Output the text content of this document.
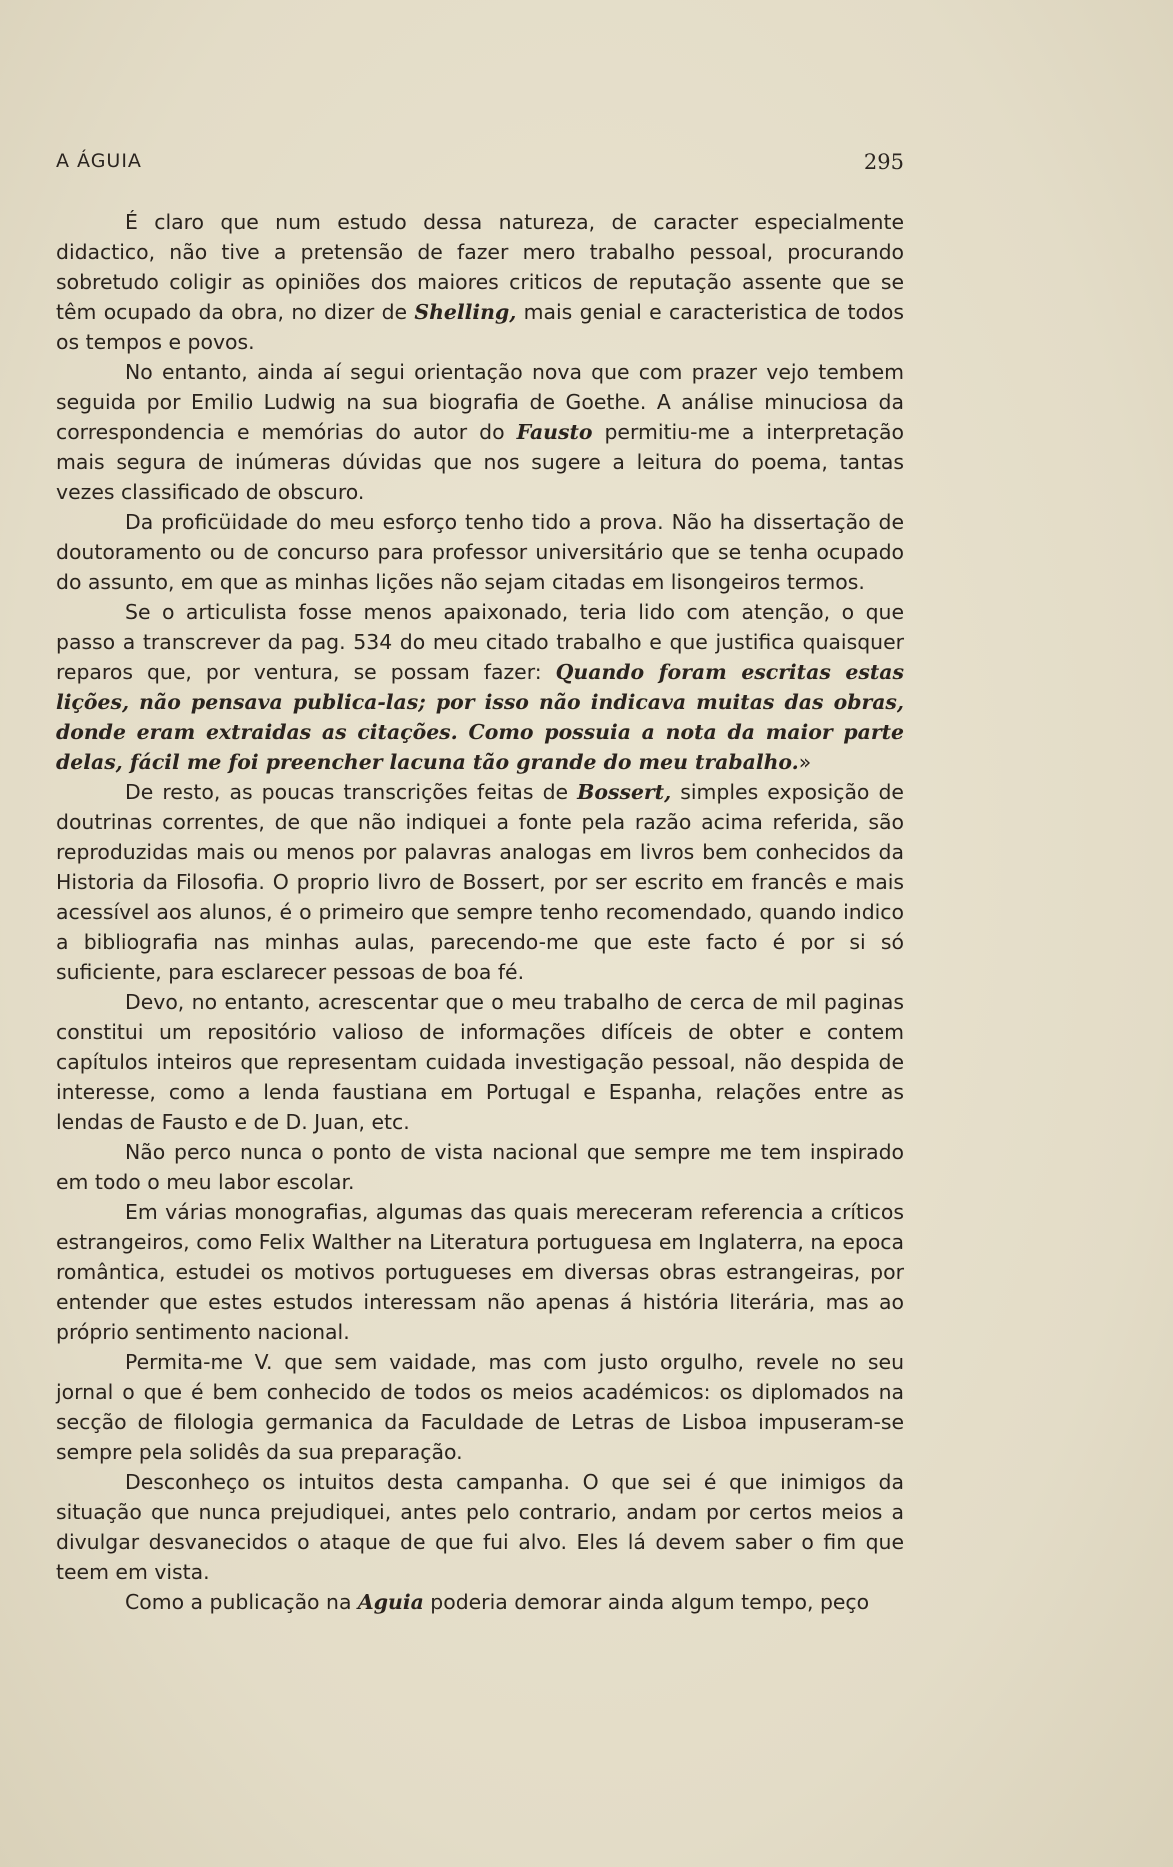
A ÁGUIA	295

É claro que num estudo dessa natureza, de caracter especialmente didactico, não tive a pretensão de fazer mero trabalho pessoal, procurando sobretudo coligir as opiniões dos maiores criticos de reputação assente que se têm ocupado da obra, no dizer de Shelling, mais genial e caracteristica de todos os tempos e povos.

No entanto, ainda aí segui orientação nova que com prazer vejo tembem seguida por Emilio Ludwig na sua biografia de Goethe. A análise minuciosa da correspondencia e memórias do autor do Fausto permitiu-me a interpretação mais segura de inúmeras dúvidas que nos sugere a leitura do poema, tantas vezes classificado de obscuro.

Da proficüidade do meu esforço tenho tido a prova. Não ha dissertação de doutoramento ou de concurso para professor universitário que se tenha ocupado do assunto, em que as minhas lições não sejam citadas em lisongeiros termos.

Se o articulista fosse menos apaixonado, teria lido com atenção, o que passo a transcrever da pag. 534 do meu citado trabalho e que justifica quaisquer reparos que, por ventura, se possam fazer: Quando foram escritas estas lições, não pensava publica-las; por isso não indicava muitas das obras, donde eram extraidas as citações. Como possuia a nota da maior parte delas, fácil me foi preencher lacuna tão grande do meu trabalho.»

De resto, as poucas transcrições feitas de Bossert, simples exposição de doutrinas correntes, de que não indiquei a fonte pela razão acima referida, são reproduzidas mais ou menos por palavras analogas em livros bem conhecidos da Historia da Filosofia. O proprio livro de Bossert, por ser escrito em francês e mais acessível aos alunos, é o primeiro que sempre tenho recomendado, quando indico a bibliografia nas minhas aulas, parecendo-me que este facto é por si só suficiente, para esclarecer pessoas de boa fé.

Devo, no entanto, acrescentar que o meu trabalho de cerca de mil paginas constitui um repositório valioso de informações difíceis de obter e contem capítulos inteiros que representam cuidada investigação pessoal, não despida de interesse, como a lenda faustiana em Portugal e Espanha, relações entre as lendas de Fausto e de D. Juan, etc.

Não perco nunca o ponto de vista nacional que sempre me tem inspirado em todo o meu labor escolar.

Em várias monografias, algumas das quais mereceram referencia a críticos estrangeiros, como Felix Walther na Literatura portuguesa em Inglaterra, na epoca romântica, estudei os motivos portugueses em diversas obras estrangeiras, por entender que estes estudos interessam não apenas á história literária, mas ao próprio sentimento nacional.

Permita-me V. que sem vaidade, mas com justo orgulho, revele no seu jornal o que é bem conhecido de todos os meios académicos: os diplomados na secção de filologia germanica da Faculdade de Letras de Lisboa impuseram-se sempre pela solidês da sua preparação.

Desconheço os intuitos desta campanha. O que sei é que inimigos da situação que nunca prejudiquei, antes pelo contrario, andam por certos meios a divulgar desvanecidos o ataque de que fui alvo. Eles lá devem saber o fim que teem em vista.

Como a publicação na Aguia poderia demorar ainda algum tempo, peço
